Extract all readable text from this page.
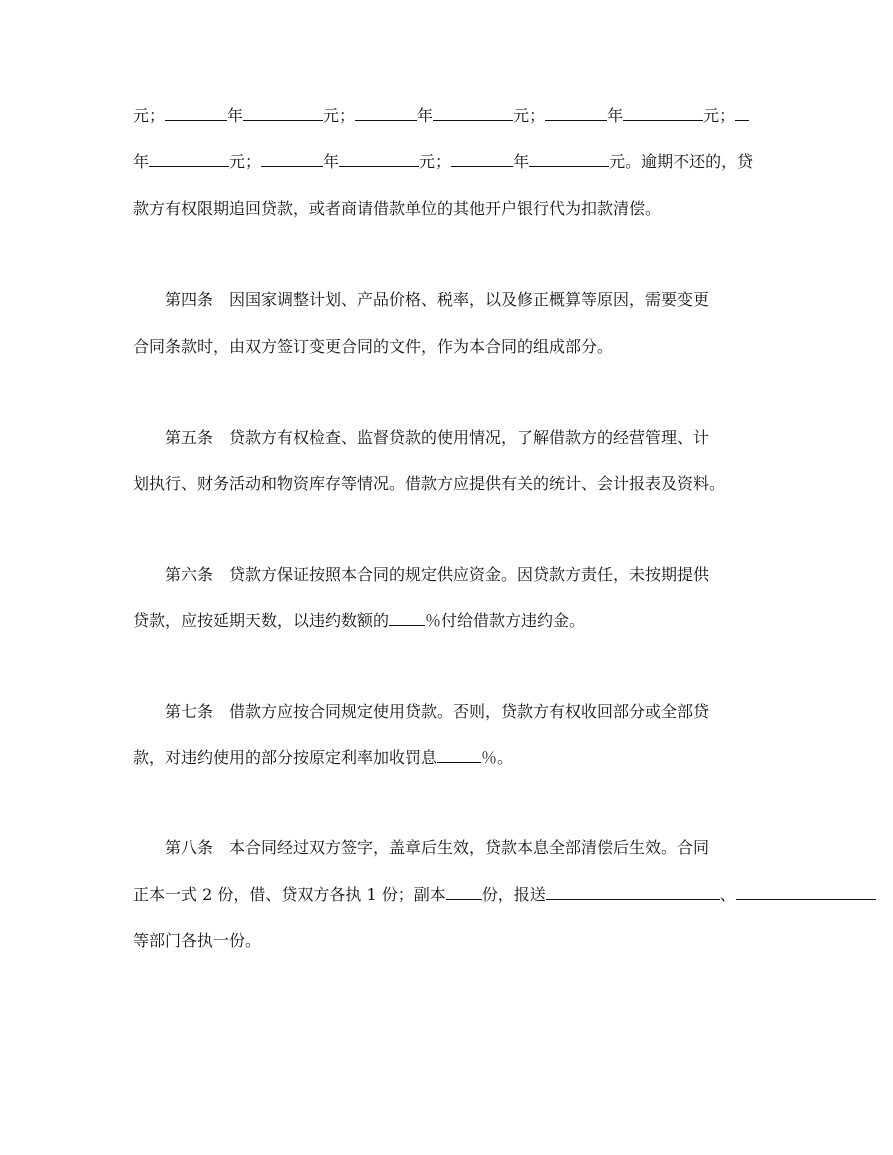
元；	年	元；	年	元；	年	元；
年	元；	年	元；	年	元。逾期不还的，贷
款方有权限期追回贷款，或者商请借款单位的其他开户银行代为扣款清偿。
第四条　因国家调整计划、产品价格、税率，以及修正概算等原因，需要变更
合同条款时，由双方签订变更合同的文件，作为本合同的组成部分。
第五条　贷款方有权检查、监督贷款的使用情况，了解借款方的经营管理、计
划执行、财务活动和物资库存等情况。借款方应提供有关的统计、会计报表及资料。
第六条　贷款方保证按照本合同的规定供应资金。因贷款方责任，未按期提供
贷款，应按延期天数，以违约数额的 ％付给借款方违约金。
第七条　借款方应按合同规定使用贷款。否则，贷款方有权收回部分或全部贷
款，对违约使用的部分按原定利率加收罚息	％。
第八条　本合同经过双方签字，盖章后生效，贷款本息全部清偿后生效。合同
正本一式 2 份，借、贷双方各执 1 份；副本 份，报送	、
等部门各执一份。
